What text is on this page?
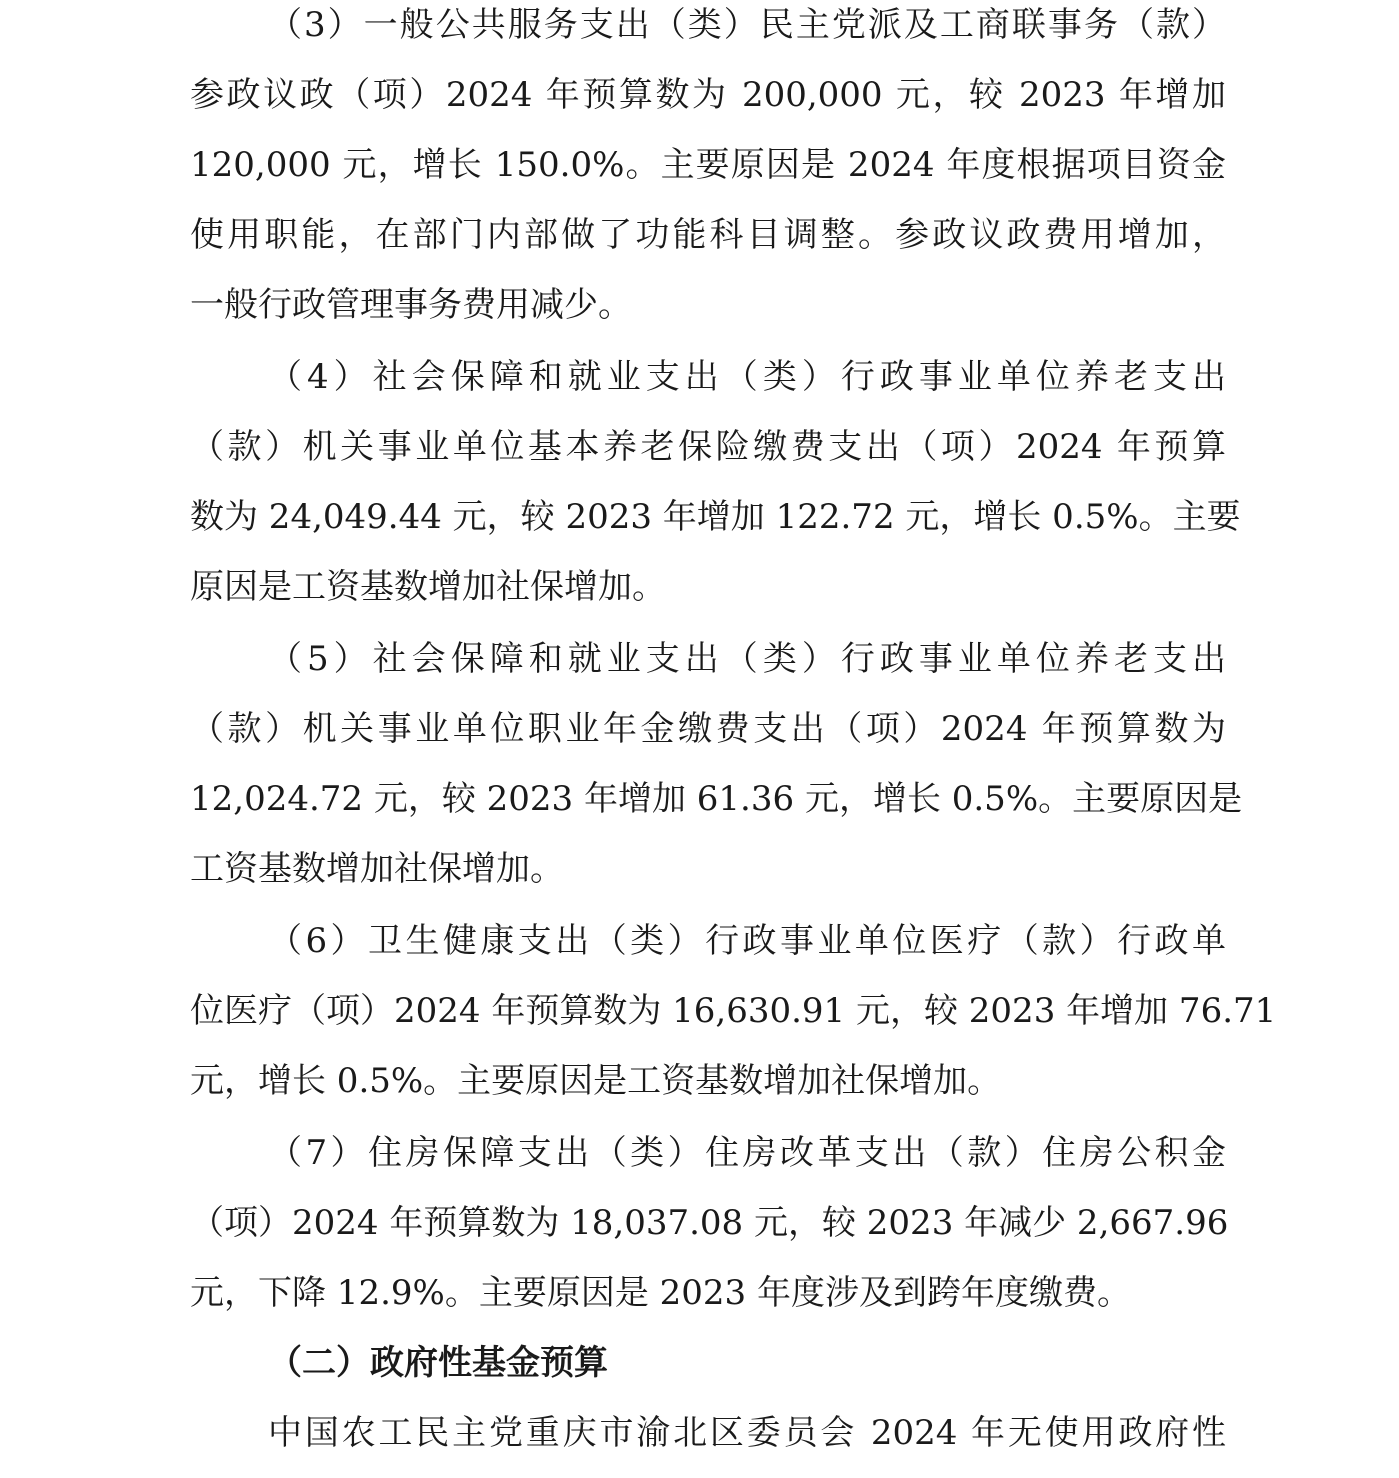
（3）一般公共服务支出（类）民主党派及工商联事务（款）
参政议政（项）2024 年预算数为 200,000 元，较 2023 年增加
120,000 元，增长 150.0%。主要原因是 2024 年度根据项目资金
使用职能，在部门内部做了功能科目调整。参政议政费用增加，
一般行政管理事务费用减少。
（4）社会保障和就业支出（类）行政事业单位养老支出
（款）机关事业单位基本养老保险缴费支出（项）2024 年预算
数为 24,049.44 元，较 2023 年增加 122.72 元，增长 0.5%。主要
原因是工资基数增加社保增加。
（5）社会保障和就业支出（类）行政事业单位养老支出
（款）机关事业单位职业年金缴费支出（项）2024 年预算数为
12,024.72 元，较 2023 年增加 61.36 元，增长 0.5%。主要原因是
工资基数增加社保增加。
（6）卫生健康支出（类）行政事业单位医疗（款）行政单
位医疗（项）2024 年预算数为 16,630.91 元，较 2023 年增加 76.71
元，增长 0.5%。主要原因是工资基数增加社保增加。
（7）住房保障支出（类）住房改革支出（款）住房公积金
（项）2024 年预算数为 18,037.08 元，较 2023 年减少 2,667.96
元，下降 12.9%。主要原因是 2023 年度涉及到跨年度缴费。
（二）政府性基金预算
中国农工民主党重庆市渝北区委员会 2024 年无使用政府性
